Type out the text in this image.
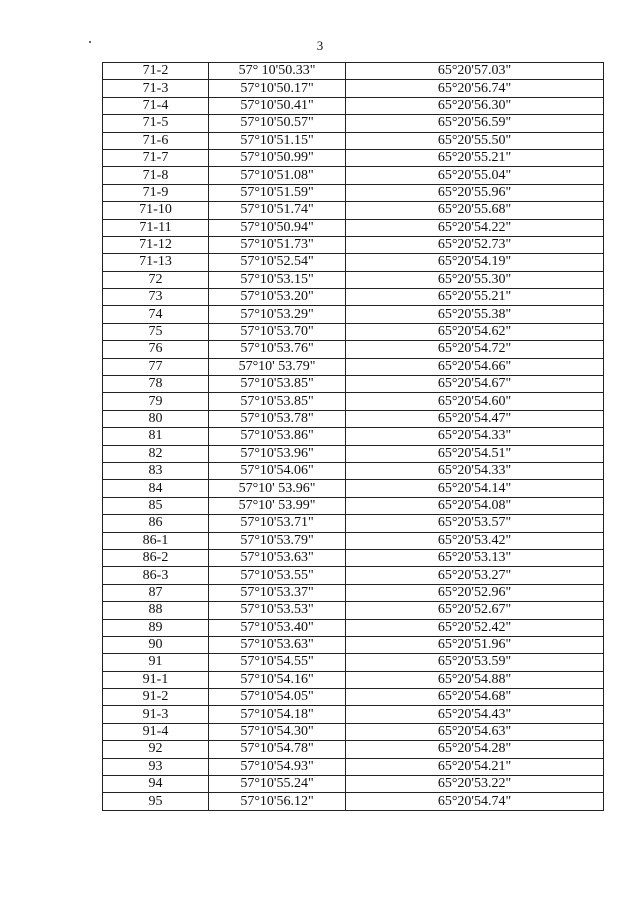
3
71-2	57° 10'50.33"	65°20'57.03"
71-3	57°10'50.17"	65°20'56.74"
71-4	57°10'50.41"	65°20'56.30"
71-5	57°10'50.57"	65°20'56.59"
71-6	57°10'51.15"	65°20'55.50"
71-7	57°10'50.99"	65°20'55.21"
71-8	57°10'51.08"	65°20'55.04"
71-9	57°10'51.59"	65°20'55.96"
71-10	57°10'51.74"	65°20'55.68"
71-11	57°10'50.94"	65°20'54.22"
71-12	57°10'51.73"	65°20'52.73"
71-13	57°10'52.54"	65°20'54.19"
72	57°10'53.15"	65°20'55.30"
73	57°10'53.20"	65°20'55.21"
74	57°10'53.29"	65°20'55.38"
75	57°10'53.70"	65°20'54.62"
76	57°10'53.76"	65°20'54.72"
77	57°10' 53.79"	65°20'54.66"
78	57°10'53.85"	65°20'54.67"
79	57°10'53.85"	65°20'54.60"
80	57°10'53.78"	65°20'54.47"
81	57°10'53.86"	65°20'54.33"
82	57°10'53.96"	65°20'54.51"
83	57°10'54.06"	65°20'54.33"
84	57°10' 53.96"	65°20'54.14"
85	57°10' 53.99"	65°20'54.08"
86	57°10'53.71"	65°20'53.57"
86-1	57°10'53.79"	65°20'53.42"
86-2	57°10'53.63"	65°20'53.13"
86-3	57°10'53.55"	65°20'53.27"
87	57°10'53.37"	65°20'52.96"
88	57°10'53.53"	65°20'52.67"
89	57°10'53.40"	65°20'52.42"
90	57°10'53.63"	65°20'51.96"
91	57°10'54.55"	65°20'53.59"
91-1	57°10'54.16"	65°20'54.88"
91-2	57°10'54.05"	65°20'54.68"
91-3	57°10'54.18"	65°20'54.43"
91-4	57°10'54.30"	65°20'54.63"
92	57°10'54.78"	65°20'54.28"
93	57°10'54.93"	65°20'54.21"
94	57°10'55.24"	65°20'53.22"
95	57°10'56.12"	65°20'54.74"
